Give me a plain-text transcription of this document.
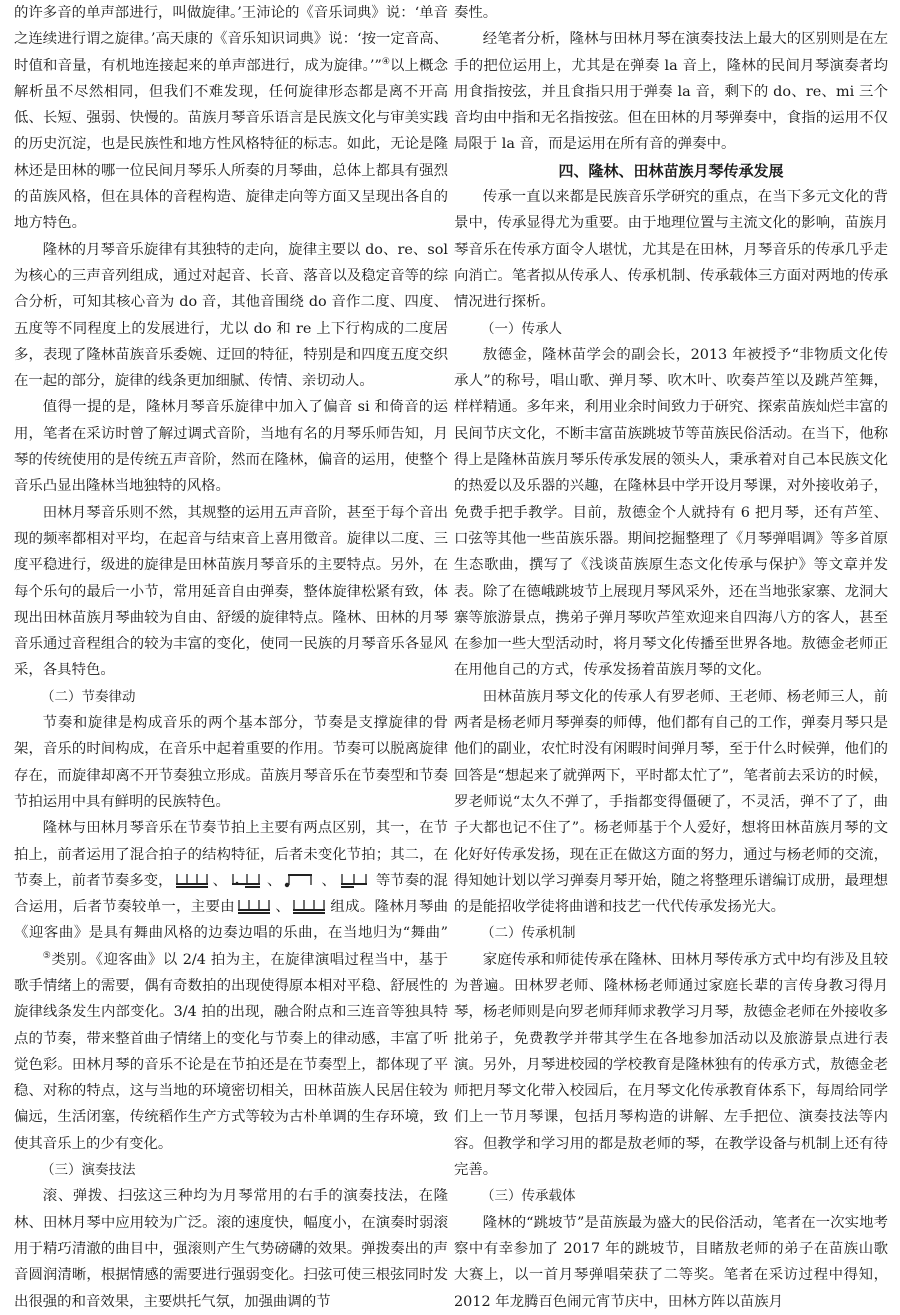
的许多音的单声部进行，叫做旋律。’王沛论的《音乐词典》说：‘单音之连续进行谓之旋律。’高天康的《音乐知识词典》说：‘按一定音高、时值和音量，有机地连接起来的单声部进行，成为旋律。’”④以上概念解析虽不尽然相同，但我们不难发现，任何旋律形态都是离不开高低、长短、强弱、快慢的。苗族月琴音乐语言是民族文化与审美实践的历史沉淀，也是民族性和地方性风格特征的标志。如此，无论是隆林还是田林的哪一位民间月琴乐人所奏的月琴曲，总体上都具有强烈的苗族风格，但在具体的音程构造、旋律走向等方面又呈现出各自的地方特色。

隆林的月琴音乐旋律有其独特的走向，旋律主要以 do、re、sol 为核心的三声音列组成，通过对起音、长音、落音以及稳定音等的综合分析，可知其核心音为 do 音，其他音围绕 do 音作二度、四度、五度等不同程度上的发展进行，尤以 do 和 re 上下行构成的二度居多，表现了隆林苗族音乐委婉、迂回的特征，特别是和四度五度交织在一起的部分，旋律的线条更加细腻、传情、亲切动人。

值得一提的是，隆林月琴音乐旋律中加入了偏音 si 和倚音的运用，笔者在采访时曾了解过调式音阶，当地有名的月琴乐师告知，月琴的传统使用的是传统五声音阶，然而在隆林，偏音的运用，使整个音乐凸显出隆林当地独特的风格。

田林月琴音乐则不然，其规整的运用五声音阶，甚至于每个音出现的频率都相对平均，在起音与结束音上喜用徵音。旋律以二度、三度平稳进行，级进的旋律是田林苗族月琴音乐的主要特点。另外，在每个乐句的最后一小节，常用延音自由弹奏，整体旋律松紧有致，体现出田林苗族月琴曲较为自由、舒缓的旋律特点。隆林、田林的月琴音乐通过音程组合的较为丰富的变化，使同一民族的月琴音乐各显风采，各具特色。

（二）节奏律动

节奏和旋律是构成音乐的两个基本部分，节奏是支撑旋律的骨架，音乐的时间构成，在音乐中起着重要的作用。节奏可以脱离旋律存在，而旋律却离不开节奏独立形成。苗族月琴音乐在节奏型和节奏节拍运用中具有鲜明的民族特色。

隆林与田林月琴音乐在节奏节拍上主要有两点区别，其一，在节拍上，前者运用了混合拍子的结构特征，后者未变化节拍；其二，在节奏上，前者节奏多变，	、	、	、	等节奏的混合运用，后者节奏较单一，主要由	、	组成。隆林月琴曲《迎客曲》是具有舞曲风格的边奏边唱的乐曲，在当地归为“舞曲”⑤类别。《迎客曲》以 2/4 拍为主，在旋律演唱过程当中，基于歌手情绪上的需要，偶有奇数拍的出现使得原本相对平稳、舒展性的旋律线条发生内部变化。3/4 拍的出现，融合附点和三连音等独具特点的节奏，带来整首曲子情绪上的变化与节奏上的律动感，丰富了听觉色彩。田林月琴的音乐不论是在节拍还是在节奏型上，都体现了平稳、对称的特点，这与当地的环境密切相关，田林苗族人民居住较为偏远，生活闭塞，传统稻作生产方式等较为古朴单调的生存环境，致使其音乐上的少有变化。

（三）演奏技法

滚、弹拨、扫弦这三种均为月琴常用的右手的演奏技法，在隆林、田林月琴中应用较为广泛。滚的速度快，幅度小，在演奏时弱滚用于精巧清澈的曲目中，强滚则产生气势磅礴的效果。弹拨奏出的声音圆润清晰，根据情感的需要进行强弱变化。扫弦可使三根弦同时发出很强的和音效果，主要烘托气氛，加强曲调的节

奏性。

经笔者分析，隆林与田林月琴在演奏技法上最大的区别则是在左手的把位运用上，尤其是在弹奏 la 音上，隆林的民间月琴演奏者均用食指按弦，并且食指只用于弹奏 la 音，剩下的 do、re、mi 三个音均由中指和无名指按弦。但在田林的月琴弹奏中，食指的运用不仅局限于 la 音，而是运用在所有音的弹奏中。

四、隆林、田林苗族月琴传承发展

传承一直以来都是民族音乐学研究的重点，在当下多元文化的背景中，传承显得尤为重要。由于地理位置与主流文化的影响，苗族月琴音乐在传承方面令人堪忧，尤其是在田林，月琴音乐的传承几乎走向消亡。笔者拟从传承人、传承机制、传承载体三方面对两地的传承情况进行探析。

（一）传承人

敖德金，隆林苗学会的副会长，2013 年被授予“非物质文化传承人”的称号，唱山歌、弹月琴、吹木叶、吹奏芦笙以及跳芦笙舞，样样精通。多年来，利用业余时间致力于研究、探索苗族灿烂丰富的民间节庆文化，不断丰富苗族跳坡节等苗族民俗活动。在当下，他称得上是隆林苗族月琴乐传承发展的领头人，秉承着对自己本民族文化的热爱以及乐器的兴趣，在隆林县中学开设月琴课，对外接收弟子，免费手把手教学。目前，敖德金个人就持有 6 把月琴，还有芦笙、口弦等其他一些苗族乐器。期间挖掘整理了《月琴弹唱调》等多首原生态歌曲，撰写了《浅谈苗族原生态文化传承与保护》等文章并发表。除了在德峨跳坡节上展现月琴风采外，还在当地张家寨、龙洞大寨等旅游景点，携弟子弹月琴吹芦笙欢迎来自四海八方的客人，甚至在参加一些大型活动时，将月琴文化传播至世界各地。敖德金老师正在用他自己的方式，传承发扬着苗族月琴的文化。

田林苗族月琴文化的传承人有罗老师、王老师、杨老师三人，前两者是杨老师月琴弹奏的师傅，他们都有自己的工作，弹奏月琴只是他们的副业，农忙时没有闲暇时间弹月琴，至于什么时候弹，他们的回答是“想起来了就弹两下，平时都太忙了”，笔者前去采访的时候，罗老师说“太久不弹了，手指都变得僵硬了，不灵活，弹不了了，曲子大都也记不住了”。杨老师基于个人爱好，想将田林苗族月琴的文化好好传承发扬，现在正在做这方面的努力，通过与杨老师的交流，得知她计划以学习弹奏月琴开始，随之将整理乐谱编订成册，最理想的是能招收学徒将曲谱和技艺一代代传承发扬光大。

（二）传承机制

家庭传承和师徒传承在隆林、田林月琴传承方式中均有涉及且较为普遍。田林罗老师、隆林杨老师通过家庭长辈的言传身教习得月琴，杨老师则是向罗老师拜师求教学习月琴，敖德金老师在外接收多批弟子，免费教学并带其学生在各地参加活动以及旅游景点进行表演。另外，月琴进校园的学校教育是隆林独有的传承方式，敖德金老师把月琴文化带入校园后，在月琴文化传承教育体系下，每周给同学们上一节月琴课，包括月琴构造的讲解、左手把位、演奏技法等内容。但教学和学习用的都是敖老师的琴，在教学设备与机制上还有待完善。

（三）传承载体

隆林的“跳坡节”是苗族最为盛大的民俗活动，笔者在一次实地考察中有幸参加了 2017 年的跳坡节，目睹敖老师的弟子在苗族山歌大赛上，以一首月琴弹唱荣获了二等奖。笔者在采访过程中得知，2012 年龙腾百色闹元宵节庆中，田林方阵以苗族月
